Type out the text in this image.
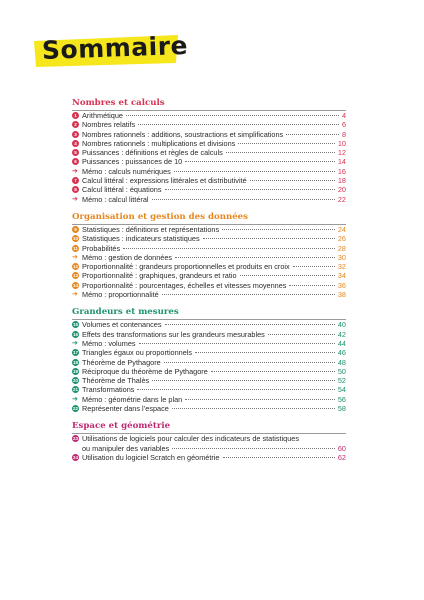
Sommaire
Nombres et calculs
1 Arithmétique	4
2 Nombres relatifs	6
3 Nombres rationnels : additions, soustractions et simplifications	8
4 Nombres rationnels : multiplications et divisions	10
5 Puissances : définitions et règles de calculs	12
6 Puissances : puissances de 10	14
➔ Mémo : calculs numériques	16
7 Calcul littéral : expressions littérales et distributivité	18
8 Calcul littéral : équations	20
➔ Mémo : calcul littéral	22
Organisation et gestion des données
9 Statistiques : définitions et représentations	24
10 Statistiques : indicateurs statistiques	26
11 Probabilités	28
➔ Mémo : gestion de données	30
12 Proportionnalité : grandeurs proportionnelles et produits en croix	32
13 Proportionnalité : graphiques, grandeurs et ratio	34
14 Proportionnalité : pourcentages, échelles et vitesses moyennes	36
➔ Mémo : proportionnalité	38
Grandeurs et mesures
15 Volumes et contenances	40
16 Effets des transformations sur les grandeurs mesurables	42
➔ Mémo : volumes	44
17 Triangles égaux ou proportionnels	46
18 Théorème de Pythagore	48
19 Réciproque du théorème de Pythagore	50
20 Théorème de Thalès	52
21 Transformations	54
➔ Mémo : géométrie dans le plan	56
22 Représenter dans l’espace	58
Espace et géométrie
23 Utilisations de logiciels pour calculer des indicateurs de statistiques
ou manipuler des variables	60
24 Utilisation du logiciel Scratch en géométrie	62
